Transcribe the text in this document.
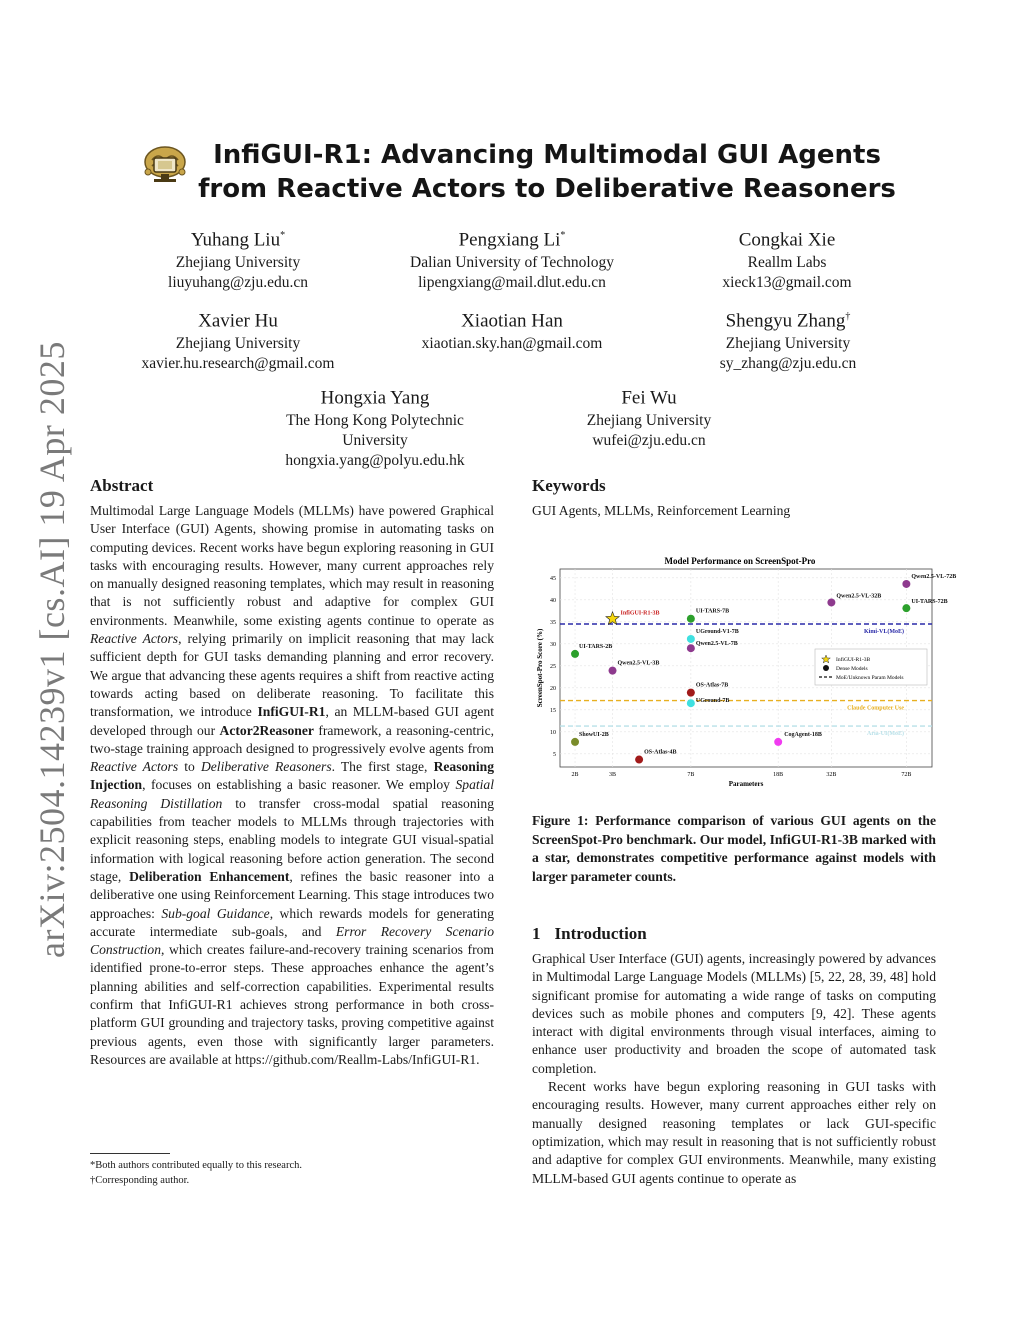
arXiv:2504.14239v1 [cs.AI] 19 Apr 2025
InfiGUI-R1: Advancing Multimodal GUI Agents from Reactive Actors to Deliberative Reasoners
Yuhang Liu*
Zhejiang University
liuyuhang@zju.edu.cn
Pengxiang Li*
Dalian University of Technology
lipengxiang@mail.dlut.edu.cn
Congkai Xie
Reallm Labs
xieck13@gmail.com
Xavier Hu
Zhejiang University
xavier.hu.research@gmail.com
Xiaotian Han
xiaotian.sky.han@gmail.com
Shengyu Zhang†
Zhejiang University
sy_zhang@zju.edu.cn
Hongxia Yang
The Hong Kong Polytechnic
University
hongxia.yang@polyu.edu.hk
Fei Wu
Zhejiang University
wufei@zju.edu.cn
Abstract

Multimodal Large Language Models (MLLMs) have powered Graphical User Interface (GUI) Agents, showing promise in automating tasks on computing devices. Recent works have begun exploring reasoning in GUI tasks with encouraging results. However, many current approaches rely on manually designed reasoning templates, which may result in reasoning that is not sufficiently robust and adaptive for complex GUI environments. Meanwhile, some existing agents continue to operate as Reactive Actors, relying primarily on implicit reasoning that may lack sufficient depth for GUI tasks demanding planning and error recovery. We argue that advancing these agents requires a shift from reactive acting towards acting based on deliberate reasoning. To facilitate this transformation, we introduce InfiGUI-R1, an MLLM-based GUI agent developed through our Actor2Reasoner framework, a reasoning-centric, two-stage training approach designed to progressively evolve agents from Reactive Actors to Deliberative Reasoners. The first stage, Reasoning Injection, focuses on establishing a basic reasoner. We employ Spatial Reasoning Distillation to transfer cross-modal spatial reasoning capabilities from teacher models to MLLMs through trajectories with explicit reasoning steps, enabling models to integrate GUI visual-spatial information with logical reasoning before action generation. The second stage, Deliberation Enhancement, refines the basic reasoner into a deliberative one using Reinforcement Learning. This stage introduces two approaches: Sub-goal Guidance, which rewards models for generating accurate intermediate sub-goals, and Error Recovery Scenario Construction, which creates failure-and-recovery training scenarios from identified prone-to-error steps. These approaches enhance the agent’s planning abilities and self-correction capabilities. Experimental results confirm that InfiGUI-R1 achieves strong performance in both cross-platform GUI grounding and trajectory tasks, proving competitive against previous agents, even those with significantly larger parameters. Resources are available at https://github.com/Reallm-Labs/InfiGUI-R1.

*Both authors contributed equally to this research.
†Corresponding author.
Keywords

GUI Agents, MLLMs, Reinforcement Learning

Model Performance on ScreenSpot-Pro
Kimi-VL(MoE)
Claude Computer Use
Aria-UI(MoE)
InfiGUI-R1-3B	UI-TARS-7B
UGround-V1-7B
Qwen2.5-VL-7B
UI-TARS-2B
Qwen2.5-VL-3B
OS-Atlas-7B
UGround-7B
ShowUI-2B	CogAgent-18B
OS-Atlas-4B
Qwen2.5-VL-72B
Qwen2.5-VL-32B
UI-TARS-72B
5
10
15
20
25
30
35
40
45
2B	3B	7B	18B	32B	72B
Parameters
ScreenSpot-Pro Score (%)	InfiGUI-R1-3B
Dense Models
MoE/Unknown Param Models
Figure 1: Performance comparison of various GUI agents on the ScreenSpot-Pro benchmark. Our model, InfiGUI-R1-3B marked with a star, demonstrates competitive performance against models with larger parameter counts.
1 Introduction

Graphical User Interface (GUI) agents, increasingly powered by advances in Multimodal Large Language Models (MLLMs) [5, 22, 28, 39, 48] hold significant promise for automating a wide range of tasks on computing devices such as mobile phones and computers [9, 42]. These agents interact with digital environments through visual interfaces, aiming to enhance user productivity and broaden the scope of automated task completion.

Recent works have begun exploring reasoning in GUI tasks with encouraging results. However, many current approaches either rely on manually designed reasoning templates or lack GUI-specific optimization, which may result in reasoning that is not sufficiently robust and adaptive for complex GUI environments. Meanwhile, many existing MLLM-based GUI agents continue to operate as
